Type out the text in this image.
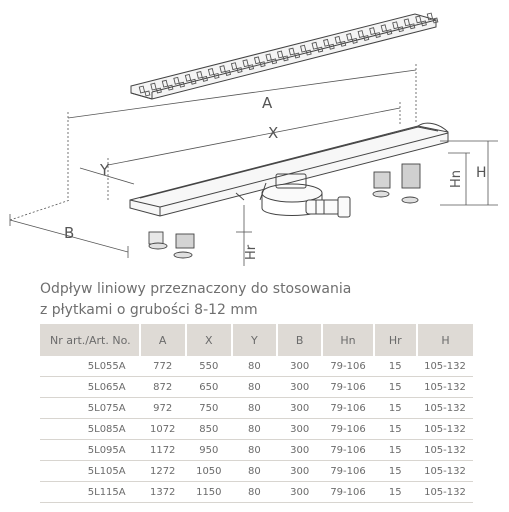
A
X
Y
B
H
Hn
Hr
Odpływ liniowy przeznaczony do stosowania
z płytkami o grubości 8-12 mm
Nr art./Art. No.	A	X	Y	B	Hn	Hr	H
5L055A	772	550	80	300	79-106	15	105-132
5L065A	872	650	80	300	79-106	15	105-132
5L075A	972	750	80	300	79-106	15	105-132
5L085A	1072	850	80	300	79-106	15	105-132
5L095A	1172	950	80	300	79-106	15	105-132
5L105A	1272	1050	80	300	79-106	15	105-132
5L115A	1372	1150	80	300	79-106	15	105-132
